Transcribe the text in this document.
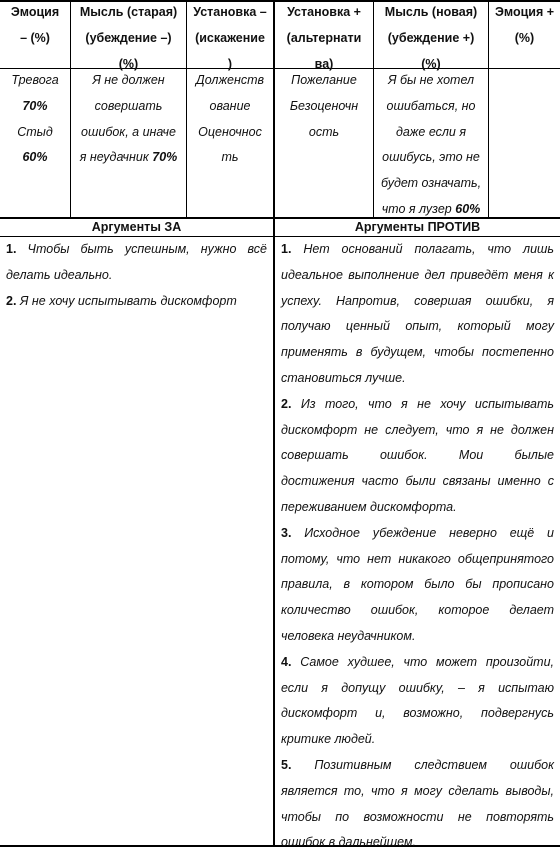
Эмоция

– (%)

Мысль (старая)

(убеждение –)

(%)

Установка –

(искажение

)

Установка +

(альтернати

ва)

Мысль (новая)

(убеждение +)

(%)

Эмоция +

(%)

Тревога

70%

Стыд

60%

Я не должен

совершать

ошибок, а иначе

я неудачник 70%

Долженств

ование

Оценочнос

ть

Пожелание

Безоценочн

ость

Я бы не хотел

ошибаться, но

даже если я

ошибусь, это не

будет означать,

что я лузер 60%

Аргументы ЗА	Аргументы ПРОТИВ

1. Чтобы быть успешным, нужно всё

делать идеально.

2. Я не хочу испытывать дискомфорт

1. Нет оснований полагать, что лишь

идеальное выполнение дел приведёт меня к

успеху. Напротив, совершая ошибки, я

получаю ценный опыт, который могу

применять в будущем, чтобы постепенно

становиться лучше.

2. Из того, что я не хочу испытывать

дискомфорт не следует, что я не должен

совершать ошибок. Мои былые

достижения часто были связаны именно с

переживанием дискомфорта.

3. Исходное убеждение неверно ещё и

потому, что нет никакого общепринятого

правила, в котором было бы прописано

количество ошибок, которое делает

человека неудачником.

4. Самое худшее, что может произойти,

если я допущу ошибку, – я испытаю

дискомфорт и, возможно, подвергнусь

критике людей.

5. Позитивным следствием ошибок

является то, что я могу сделать выводы,

чтобы по возможности не повторять

ошибок в дальнейшем.
